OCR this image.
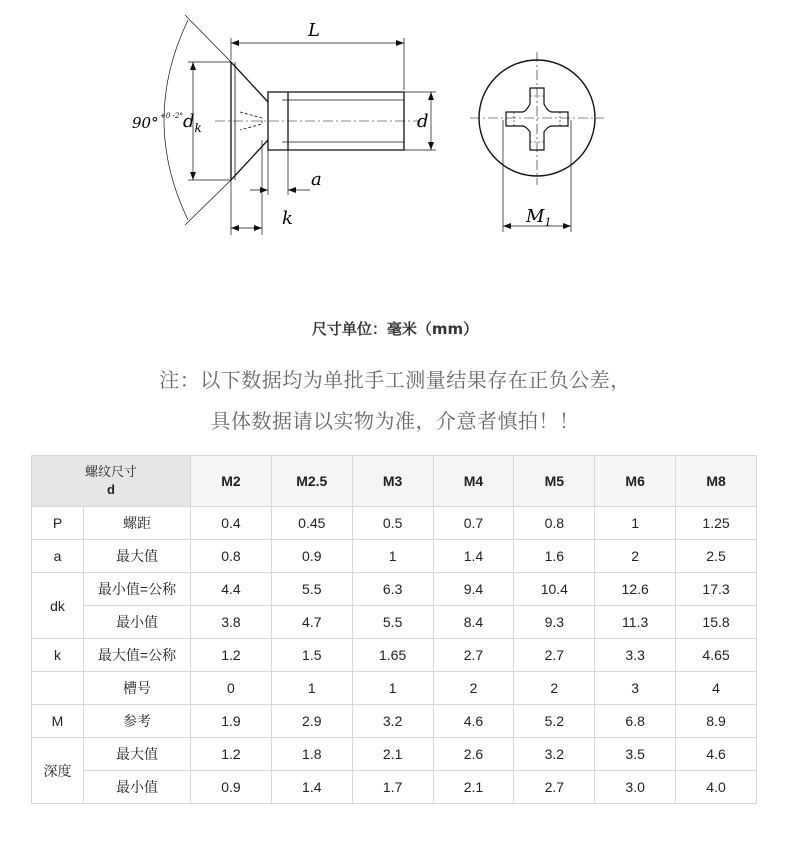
L
$d_k$	d
a
k
90° +0 -2°
$M_1$
尺寸单位：毫米（mm）
注：以下数据均为单批手工测量结果存在正负公差，
具体数据请以实物为准，介意者慎拍！！
螺纹尺寸
d		M2	M2.5	M3	M4	M5	M6	M8
P	螺距	0.4	0.45	0.5	0.7	0.8	1	1.25
a	最大值	0.8	0.9	1	1.4	1.6	2	2.5
dk	最小值=公称	4.4	5.5	6.3	9.4	10.4	12.6	17.3
	最小值	3.8	4.7	5.5	8.4	9.3	11.3	15.8
k	最大值=公称	1.2	1.5	1.65	2.7	2.7	3.3	4.65
	槽号	0	1	1	2	2	3	4
M	参考	1.9	2.9	3.2	4.6	5.2	6.8	8.9
深度	最大值	1.2	1.8	2.1	2.6	3.2	3.5	4.6
	最小值	0.9	1.4	1.7	2.1	2.7	3.0	4.0
